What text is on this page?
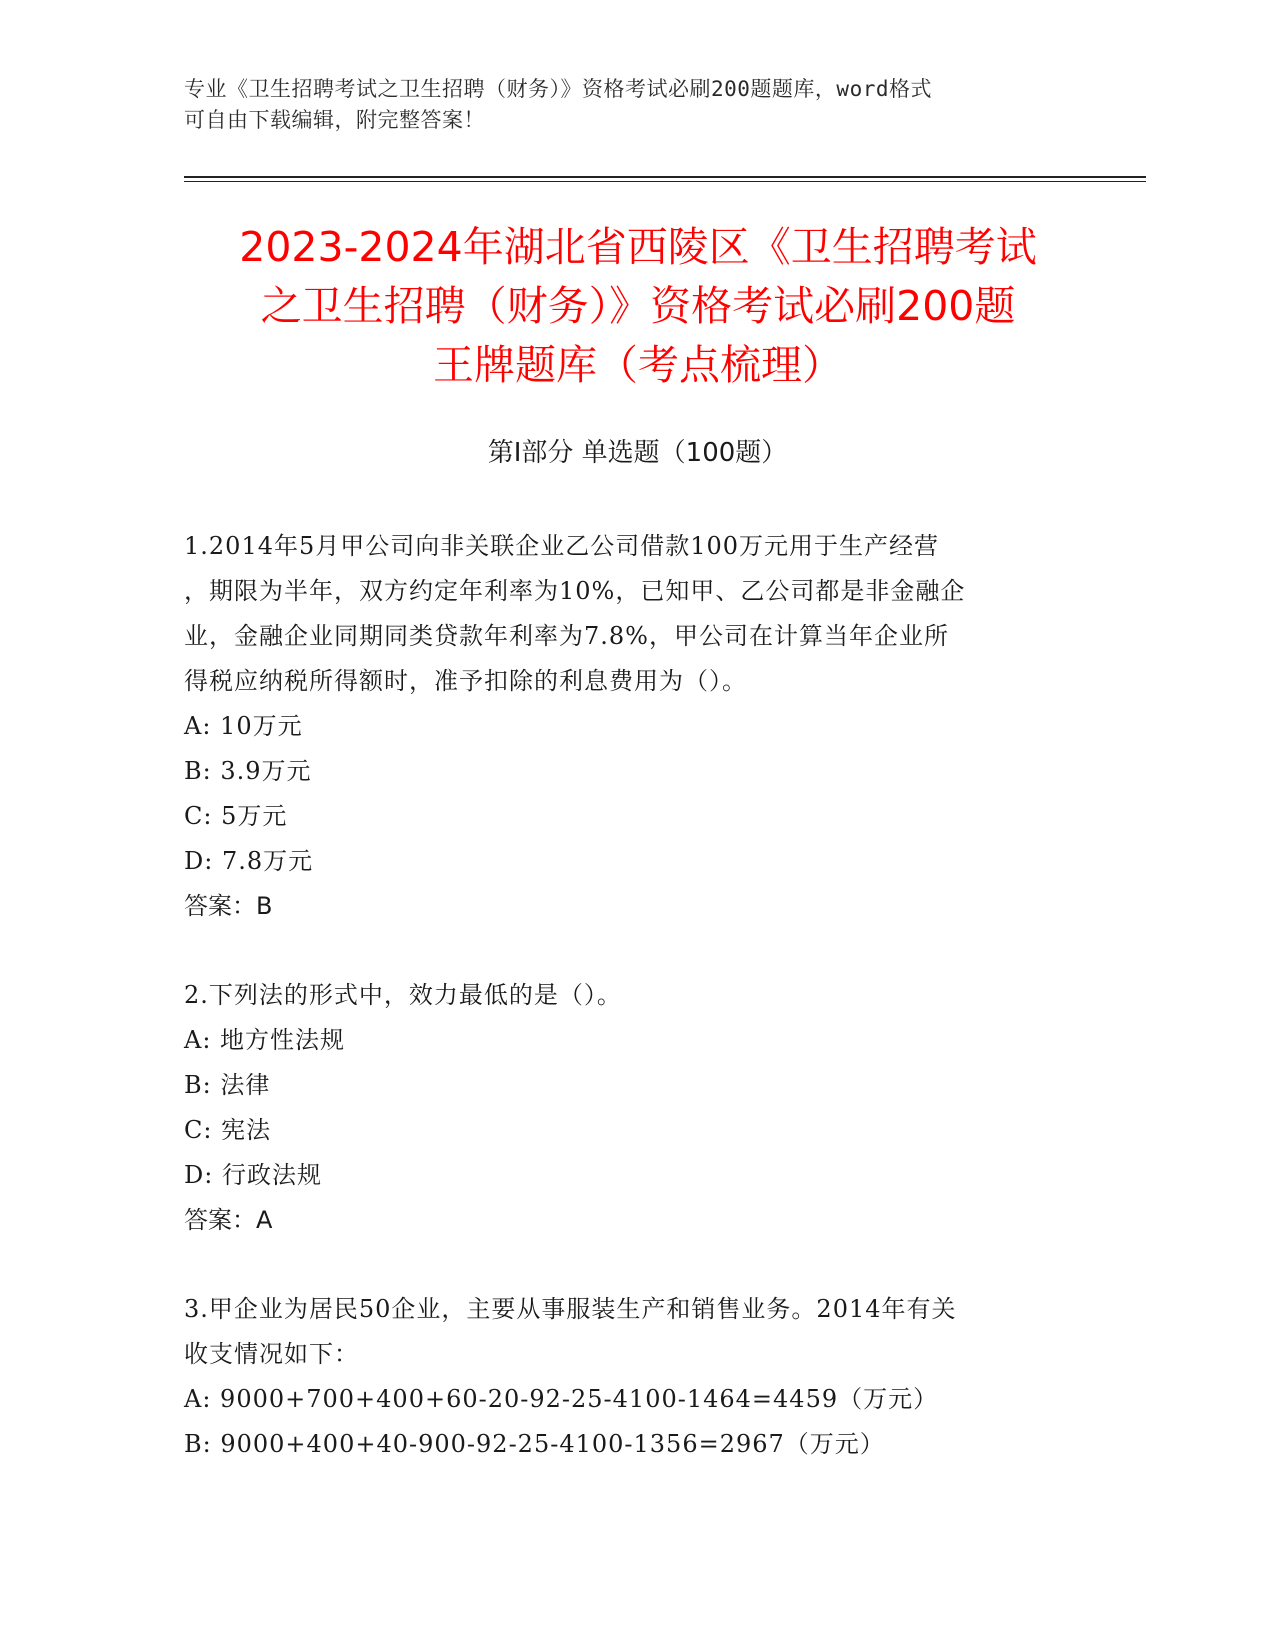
专业《卫生招聘考试之卫生招聘（财务）》资格考试必刷200题题库，word格式
可自由下载编辑，附完整答案！
2023-2024年湖北省西陵区《卫生招聘考试
之卫生招聘（财务）》资格考试必刷200题
王牌题库（考点梳理）
第I部分 单选题（100题）
1.2014年5月甲公司向非关联企业乙公司借款100万元用于生产经营
，期限为半年，双方约定年利率为10%，已知甲、乙公司都是非金融企
业，金融企业同期同类贷款年利率为7.8%，甲公司在计算当年企业所
得税应纳税所得额时，准予扣除的利息费用为（）。
A: 10万元
B: 3.9万元
C: 5万元
D: 7.8万元
答案：B
2.下列法的形式中，效力最低的是（）。
A: 地方性法规
B: 法律
C: 宪法
D: 行政法规
答案：A
3.甲企业为居民50企业，主要从事服装生产和销售业务。2014年有关
收支情况如下：
A: 9000+700+400+60-20-92-25-4100-1464=4459（万元）
B: 9000+400+40-900-92-25-4100-1356=2967（万元）
